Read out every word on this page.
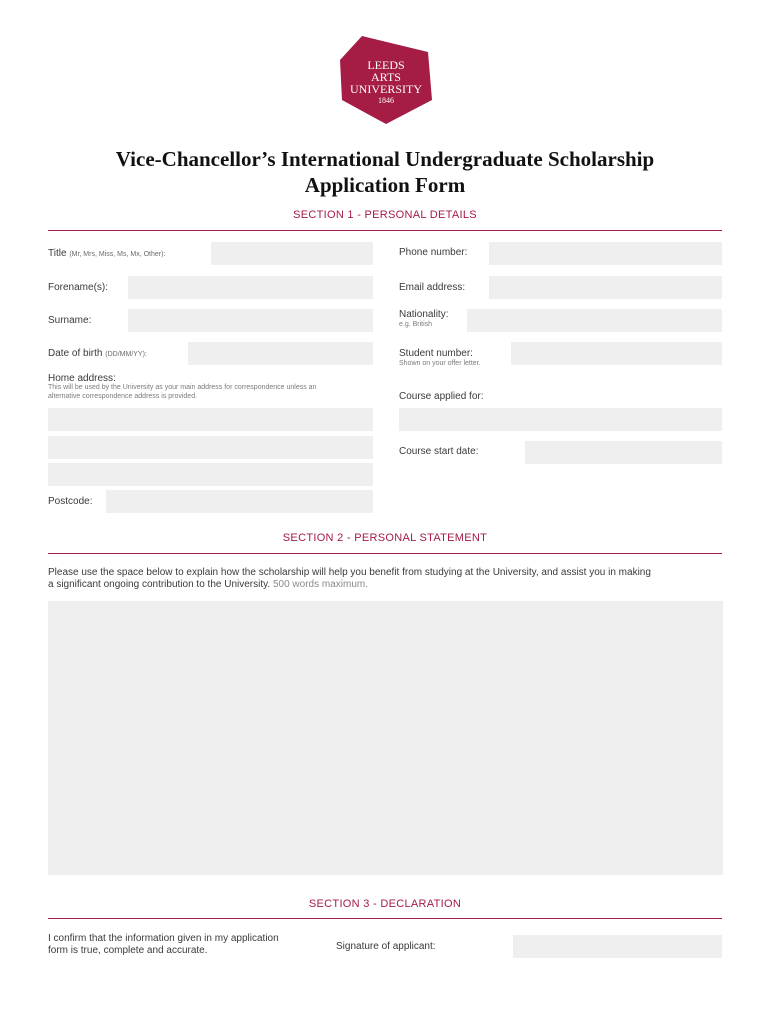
LEEDS
ARTS
UNIVERSITY
1846
Vice-Chancellor’s International Undergraduate Scholarship
Application Form
SECTION 1 - PERSONAL DETAILS
Title (Mr, Mrs, Miss, Ms, Mx, Other):
Forename(s):
Surname:
Date of birth (DD/MM/YY):
Home address:
This will be used by the University as your main address for correspondence unless an
alternative correspondence address is provided.
Postcode:
Phone number:
Email address:
Nationality:
e.g. British
Student number:
Shown on your offer letter.
Course applied for:
Course start date:
SECTION 2 - PERSONAL STATEMENT
Please use the space below to explain how the scholarship will help you benefit from studying at the University, and assist you in making
a significant ongoing contribution to the University. 500 words maximum.
SECTION 3 - DECLARATION
I confirm that the information given in my application
form is true, complete and accurate.	Signature of applicant:
